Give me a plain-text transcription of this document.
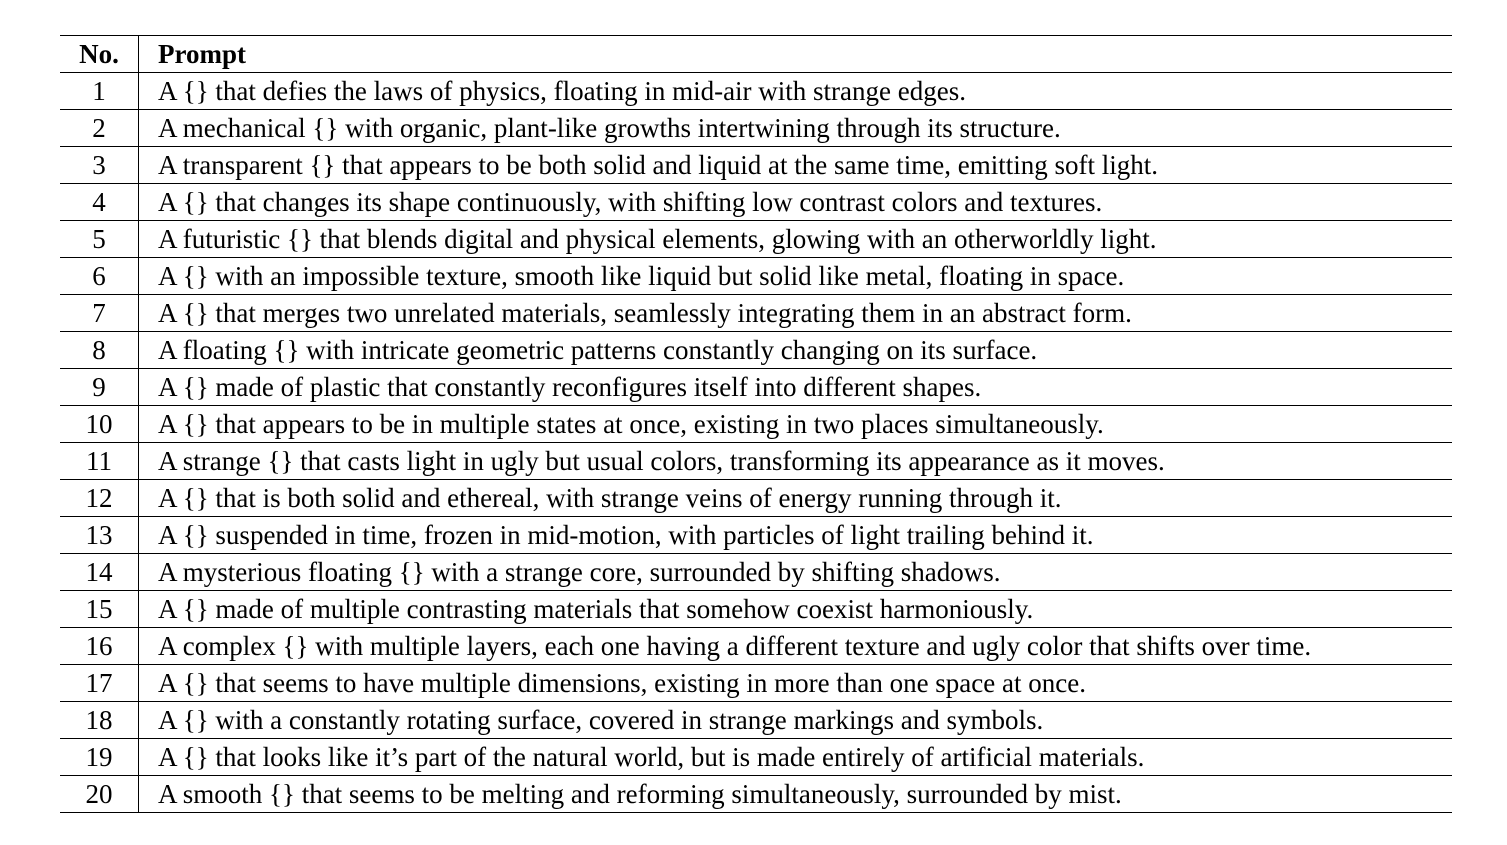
No.	Prompt
1	A {} that defies the laws of physics, floating in mid-air with strange edges.
2	A mechanical {} with organic, plant-like growths intertwining through its structure.
3	A transparent {} that appears to be both solid and liquid at the same time, emitting soft light.
4	A {} that changes its shape continuously, with shifting low contrast colors and textures.
5	A futuristic {} that blends digital and physical elements, glowing with an otherworldly light.
6	A {} with an impossible texture, smooth like liquid but solid like metal, floating in space.
7	A {} that merges two unrelated materials, seamlessly integrating them in an abstract form.
8	A floating {} with intricate geometric patterns constantly changing on its surface.
9	A {} made of plastic that constantly reconfigures itself into different shapes.
10	A {} that appears to be in multiple states at once, existing in two places simultaneously.
11	A strange {} that casts light in ugly but usual colors, transforming its appearance as it moves.
12	A {} that is both solid and ethereal, with strange veins of energy running through it.
13	A {} suspended in time, frozen in mid-motion, with particles of light trailing behind it.
14	A mysterious floating {} with a strange core, surrounded by shifting shadows.
15	A {} made of multiple contrasting materials that somehow coexist harmoniously.
16	A complex {} with multiple layers, each one having a different texture and ugly color that shifts over time.
17	A {} that seems to have multiple dimensions, existing in more than one space at once.
18	A {} with a constantly rotating surface, covered in strange markings and symbols.
19	A {} that looks like it’s part of the natural world, but is made entirely of artificial materials.
20	A smooth {} that seems to be melting and reforming simultaneously, surrounded by mist.
